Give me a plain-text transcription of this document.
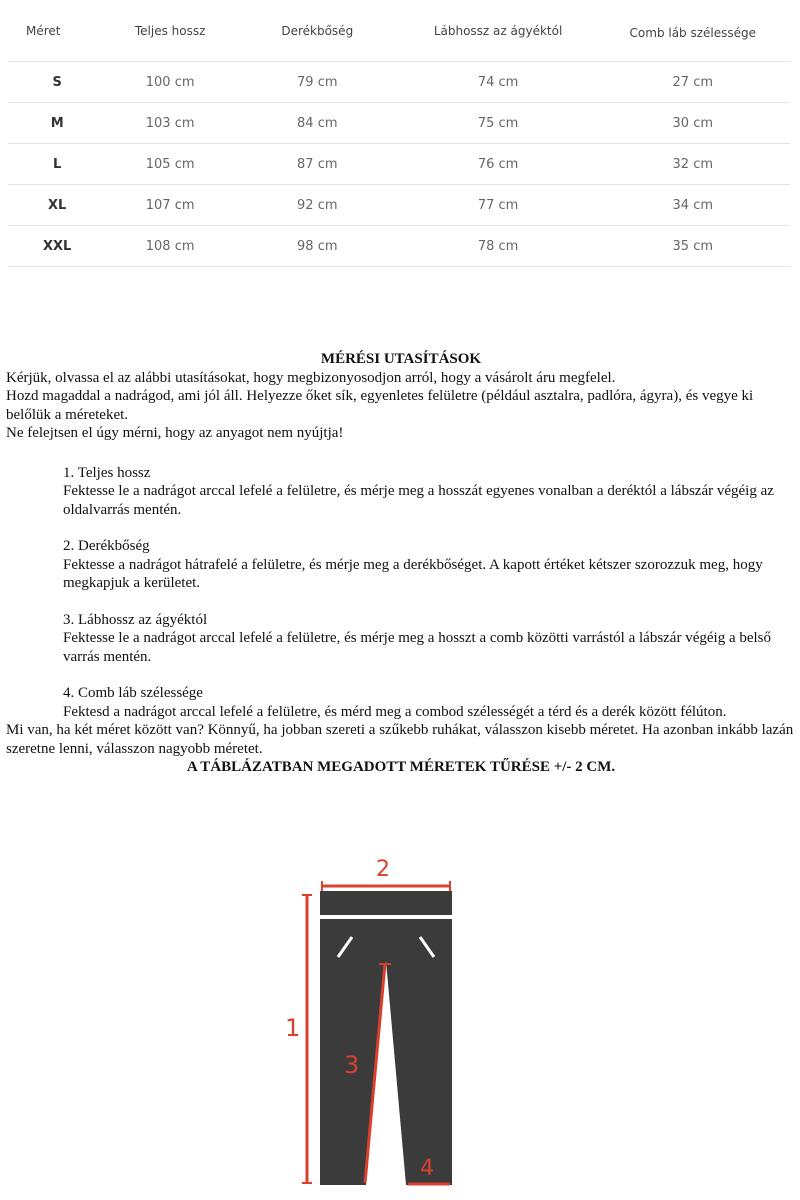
Méret	Teljes hossz	Derékbőség	Lábhossz az ágyéktól	Comb láb szélessége
S	100 cm	79 cm	74 cm	27 cm
M	103 cm	84 cm	75 cm	30 cm
L	105 cm	87 cm	76 cm	32 cm
XL	107 cm	92 cm	77 cm	34 cm
XXL	108 cm	98 cm	78 cm	35 cm
MÉRÉSI UTASÍTÁSOK

Kérjük, olvassa el az alábbi utasításokat, hogy megbizonyosodjon arról, hogy a vásárolt áru megfelel.

Hozd magaddal a nadrágod, ami jól áll. Helyezze őket sík, egyenletes felületre (például asztalra, padlóra, ágyra), és vegye ki belőlük a méreteket.
Ne felejtsen el úgy mérni, hogy az anyagot nem nyújtja!

1. Teljes hossz
Fektesse le a nadrágot arccal lefelé a felületre, és mérje meg a hosszát egyenes vonalban a deréktól a lábszár végéig az oldalvarrás mentén.
2. Derékbőség
Fektesse a nadrágot hátrafelé a felületre, és mérje meg a derékbőséget. A kapott értéket kétszer szorozzuk meg, hogy megkapjuk a kerületet.
3. Lábhossz az ágyéktól
Fektesse le a nadrágot arccal lefelé a felületre, és mérje meg a hosszt a comb közötti varrástól a lábszár végéig a belső varrás mentén.
4. Comb láb szélessége
Fektesd a nadrágot arccal lefelé a felületre, és mérd meg a combod szélességét a térd és a derék között félúton.

Mi van, ha két méret között van? Könnyű, ha jobban szereti a szűkebb ruhákat, válasszon kisebb méretet. Ha azonban inkább lazán szeretne lenni, válasszon nagyobb méretet.

A TÁBLÁZATBAN MEGADOTT MÉRETEK TŰRÉSE +/- 2 CM.
2
1
3
4
